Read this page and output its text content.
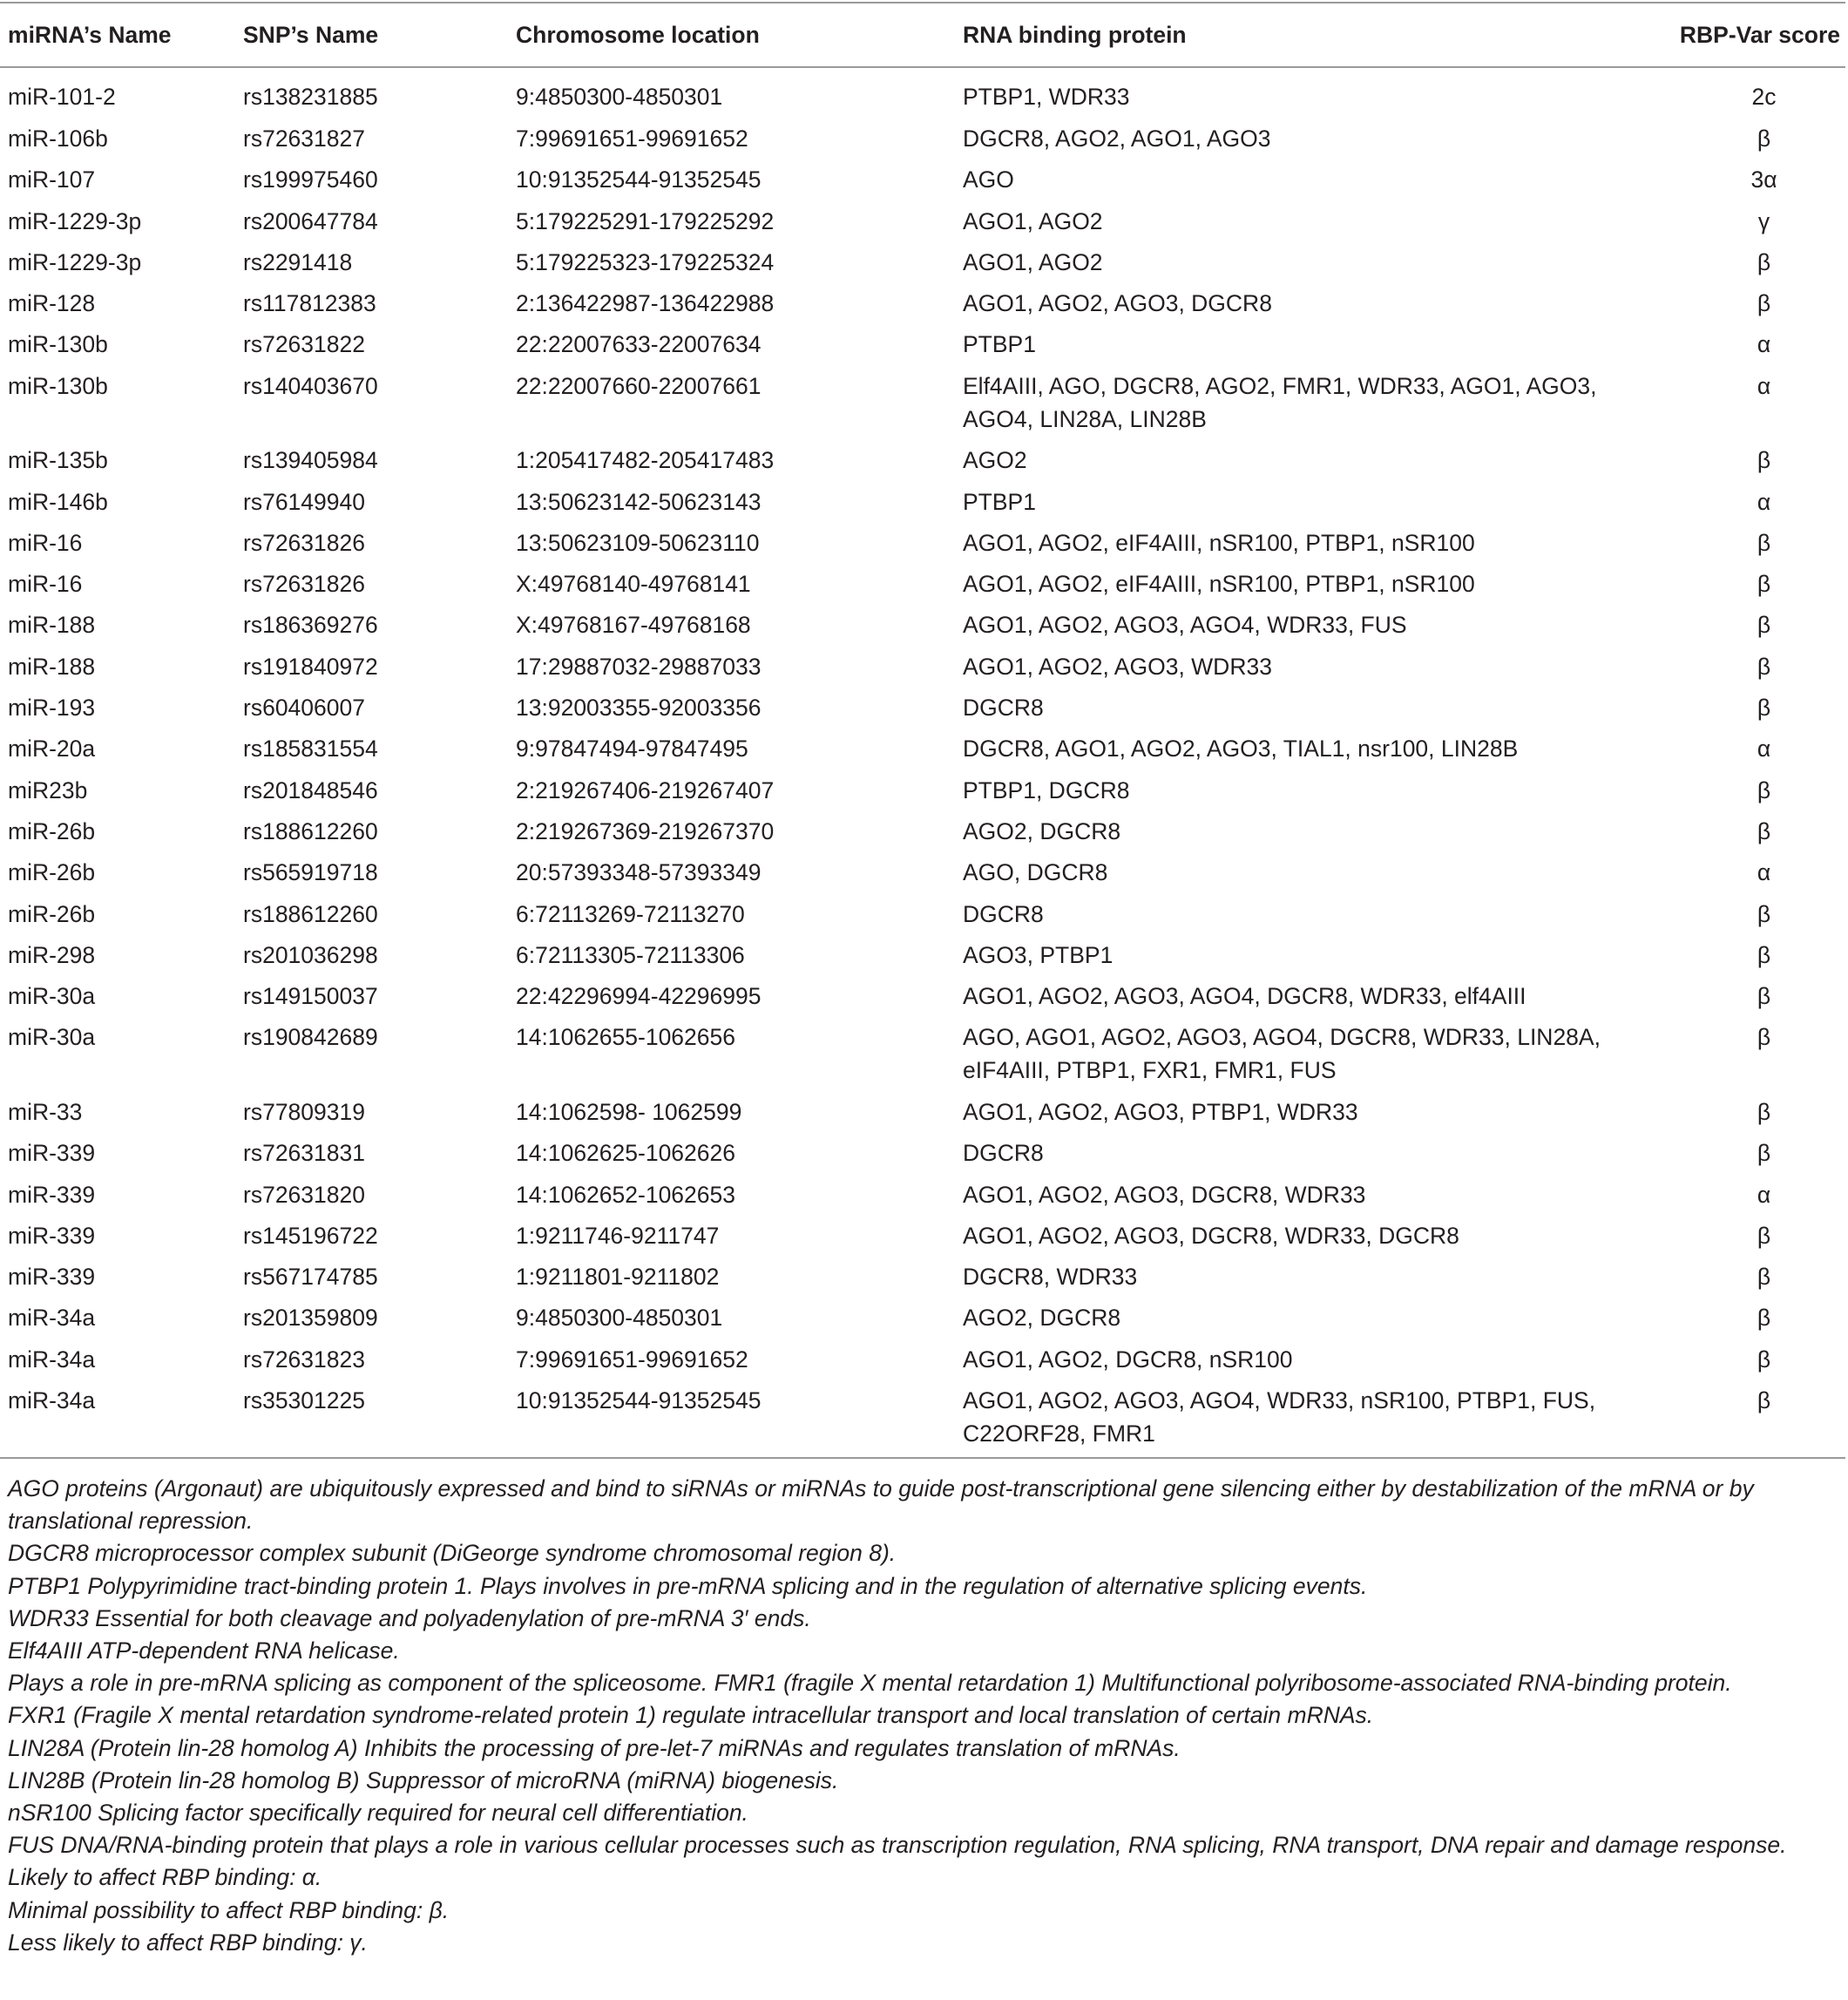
miRNA’s Name	SNP’s Name	Chromosome location	RNA binding protein	RBP-Var score
miR-101-2	rs138231885	9:4850300-4850301	PTBP1, WDR33	2c
miR-106b	rs72631827	7:99691651-99691652	DGCR8, AGO2, AGO1, AGO3	β
miR-107	rs199975460	10:91352544-91352545	AGO	3α
miR-1229-3p	rs200647784	5:179225291-179225292	AGO1, AGO2	γ
miR-1229-3p	rs2291418	5:179225323-179225324	AGO1, AGO2	β
miR-128	rs117812383	2:136422987-136422988	AGO1, AGO2, AGO3, DGCR8	β
miR-130b	rs72631822	22:22007633-22007634	PTBP1	α
miR-130b	rs140403670	22:22007660-22007661	Elf4AIII, AGO, DGCR8, AGO2, FMR1, WDR33, AGO1, AGO3, AGO4, LIN28A, LIN28B	α
miR-135b	rs139405984	1:205417482-205417483	AGO2	β
miR-146b	rs76149940	13:50623142-50623143	PTBP1	α
miR-16	rs72631826	13:50623109-50623110	AGO1, AGO2, eIF4AIII, nSR100, PTBP1, nSR100	β
miR-16	rs72631826	X:49768140-49768141	AGO1, AGO2, eIF4AIII, nSR100, PTBP1, nSR100	β
miR-188	rs186369276	X:49768167-49768168	AGO1, AGO2, AGO3, AGO4, WDR33, FUS	β
miR-188	rs191840972	17:29887032-29887033	AGO1, AGO2, AGO3, WDR33	β
miR-193	rs60406007	13:92003355-92003356	DGCR8	β
miR-20a	rs185831554	9:97847494-97847495	DGCR8, AGO1, AGO2, AGO3, TIAL1, nsr100, LIN28B	α
miR23b	rs201848546	2:219267406-219267407	PTBP1, DGCR8	β
miR-26b	rs188612260	2:219267369-219267370	AGO2, DGCR8	β
miR-26b	rs565919718	20:57393348-57393349	AGO, DGCR8	α
miR-26b	rs188612260	6:72113269-72113270	DGCR8	β
miR-298	rs201036298	6:72113305-72113306	AGO3, PTBP1	β
miR-30a	rs149150037	22:42296994-42296995	AGO1, AGO2, AGO3, AGO4, DGCR8, WDR33, elf4AIII	β
miR-30a	rs190842689	14:1062655-1062656	AGO, AGO1, AGO2, AGO3, AGO4, DGCR8, WDR33, LIN28A, eIF4AIII, PTBP1, FXR1, FMR1, FUS	β
miR-33	rs77809319	14:1062598- 1062599	AGO1, AGO2, AGO3, PTBP1, WDR33	β
miR-339	rs72631831	14:1062625-1062626	DGCR8	β
miR-339	rs72631820	14:1062652-1062653	AGO1, AGO2, AGO3, DGCR8, WDR33	α
miR-339	rs145196722	1:9211746-9211747	AGO1, AGO2, AGO3, DGCR8, WDR33, DGCR8	β
miR-339	rs567174785	1:9211801-9211802	DGCR8, WDR33	β
miR-34a	rs201359809	9:4850300-4850301	AGO2, DGCR8	β
miR-34a	rs72631823	7:99691651-99691652	AGO1, AGO2, DGCR8, nSR100	β
miR-34a	rs35301225	10:91352544-91352545	AGO1, AGO2, AGO3, AGO4, WDR33, nSR100, PTBP1, FUS, C22ORF28, FMR1	β

AGO proteins (Argonaut) are ubiquitously expressed and bind to siRNAs or miRNAs to guide post-transcriptional gene silencing either by destabilization of the mRNA or by translational repression.

DGCR8 microprocessor complex subunit (DiGeorge syndrome chromosomal region 8).

PTBP1 Polypyrimidine tract-binding protein 1. Plays involves in pre-mRNA splicing and in the regulation of alternative splicing events.

WDR33 Essential for both cleavage and polyadenylation of pre-mRNA 3′ ends.

Elf4AIII ATP-dependent RNA helicase.

Plays a role in pre-mRNA splicing as component of the spliceosome. FMR1 (fragile X mental retardation 1) Multifunctional polyribosome-associated RNA-binding protein.

FXR1 (Fragile X mental retardation syndrome-related protein 1) regulate intracellular transport and local translation of certain mRNAs.

LIN28A (Protein lin-28 homolog A) Inhibits the processing of pre-let-7 miRNAs and regulates translation of mRNAs.

LIN28B (Protein lin-28 homolog B) Suppressor of microRNA (miRNA) biogenesis.

nSR100 Splicing factor specifically required for neural cell differentiation.

FUS DNA/RNA-binding protein that plays a role in various cellular processes such as transcription regulation, RNA splicing, RNA transport, DNA repair and damage response.

Likely to affect RBP binding: α.

Minimal possibility to affect RBP binding: β.

Less likely to affect RBP binding: γ.
